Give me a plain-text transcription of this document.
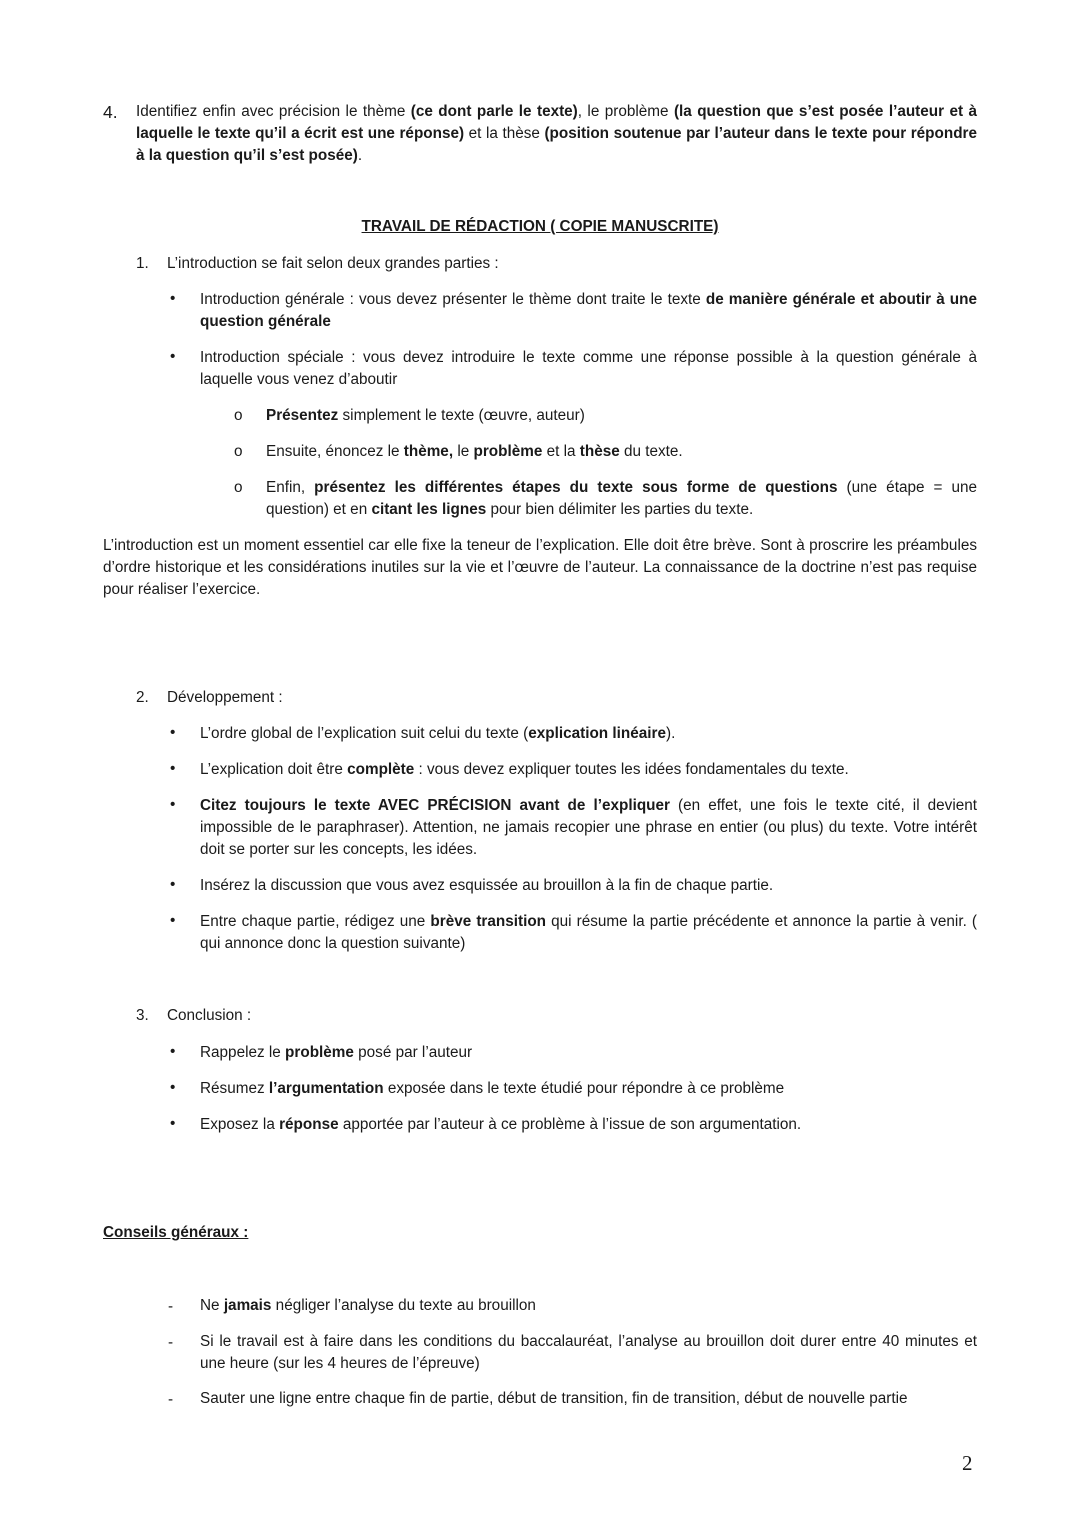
4. Identifiez enfin avec précision le thème (ce dont parle le texte), le problème (la question que s’est posée l’auteur et à laquelle le texte qu’il a écrit est une réponse) et la thèse (position soutenue par l’auteur dans le texte pour répondre à la question qu’il s’est posée).
TRAVAIL DE RÉDACTION ( COPIE MANUSCRITE)
1. L’introduction se fait selon deux grandes parties :
•	Introduction générale : vous devez présenter le thème dont traite le texte de manière générale et aboutir à une question générale
•	Introduction spéciale : vous devez introduire le texte comme une réponse possible à la question générale à laquelle vous venez d’aboutir
o	Présentez simplement le texte (œuvre, auteur)
o	Ensuite, énoncez le thème, le problème et la thèse du texte.
o	Enfin, présentez les différentes étapes du texte sous forme de questions (une étape = une question) et en citant les lignes pour bien délimiter les parties du texte.
L’introduction est un moment essentiel car elle fixe la teneur de l’explication. Elle doit être brève. Sont à proscrire les préambules d’ordre historique et les considérations inutiles sur la vie et l’œuvre de l’auteur. La connaissance de la doctrine n’est pas requise pour réaliser l’exercice.
2. Développement :
•	L’ordre global de l’explication suit celui du texte (explication linéaire).
•	L’explication doit être complète : vous devez expliquer toutes les idées fondamentales du texte.
•	Citez toujours le texte AVEC PRÉCISION avant de l’expliquer (en effet, une fois le texte cité, il devient impossible de le paraphraser). Attention, ne jamais recopier une phrase en entier (ou plus) du texte. Votre intérêt doit se porter sur les concepts, les idées.
•	Insérez la discussion que vous avez esquissée au brouillon à la fin de chaque partie.
•	Entre chaque partie, rédigez une brève transition qui résume la partie précédente et annonce la partie à venir. ( qui annonce donc la question suivante)
3. Conclusion :
•	Rappelez le problème posé par l’auteur
•	Résumez l’argumentation exposée dans le texte étudié pour répondre à ce problème
•	Exposez la réponse apportée par l’auteur à ce problème à l’issue de son argumentation.
Conseils généraux :
-	Ne jamais négliger l’analyse du texte au brouillon
-	Si le travail est à faire dans les conditions du baccalauréat, l’analyse au brouillon doit durer entre 40 minutes et une heure (sur les 4 heures de l’épreuve)
-	Sauter une ligne entre chaque fin de partie, début de transition, fin de transition, début de nouvelle partie
2
